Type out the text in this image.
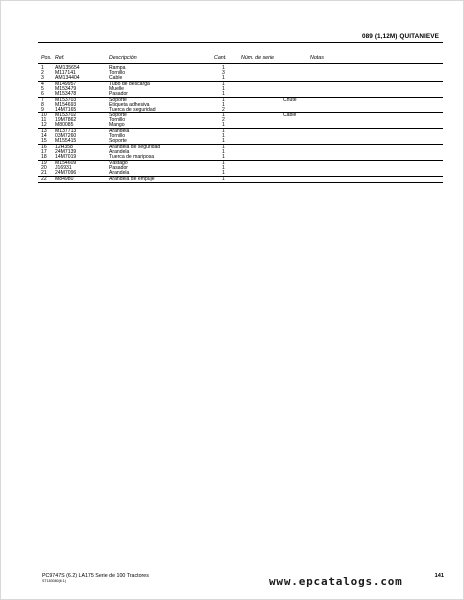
089 (1,12M) QUITANIEVE
Pos. Ref.	Descripción	Cant.	Núm. de serie	Notas
1 AM135654	Rampa	1
2 M117141	Tornillo	3
3 AM134404	Cable	1
4 M149957	Tubo de descarga	1
5 M153479	Muelle	1
6 M153478	Pasador	1
7 M153703	Soporte	1	Chute
8 M154693	Etiqueta adhesiva	1
9 14M7165	Tuerca de seguridad	2
10 M153702	Soporte	1	Cable
11 19M7862	Tornillo	2
12 M80085	Mango	1
13 M137713	Arandela	1
14 03M7260	Tornillo	1
15 M155415	Soporte	1
16 12H358	Arandela de seguridad	1
17 24M7139	Arandela	1
18 14M7019	Tuerca de mariposa	1
19 M154609	Vástago	1
20 J16931	Pasador	1
21 24M7096	Arandela	1
22 M84980	Arandela de empuje	1
PC9747S (6.2) LA175 Serie de 100 Tractores
ST183080(6.1)	www.epcatalogs.com	141
